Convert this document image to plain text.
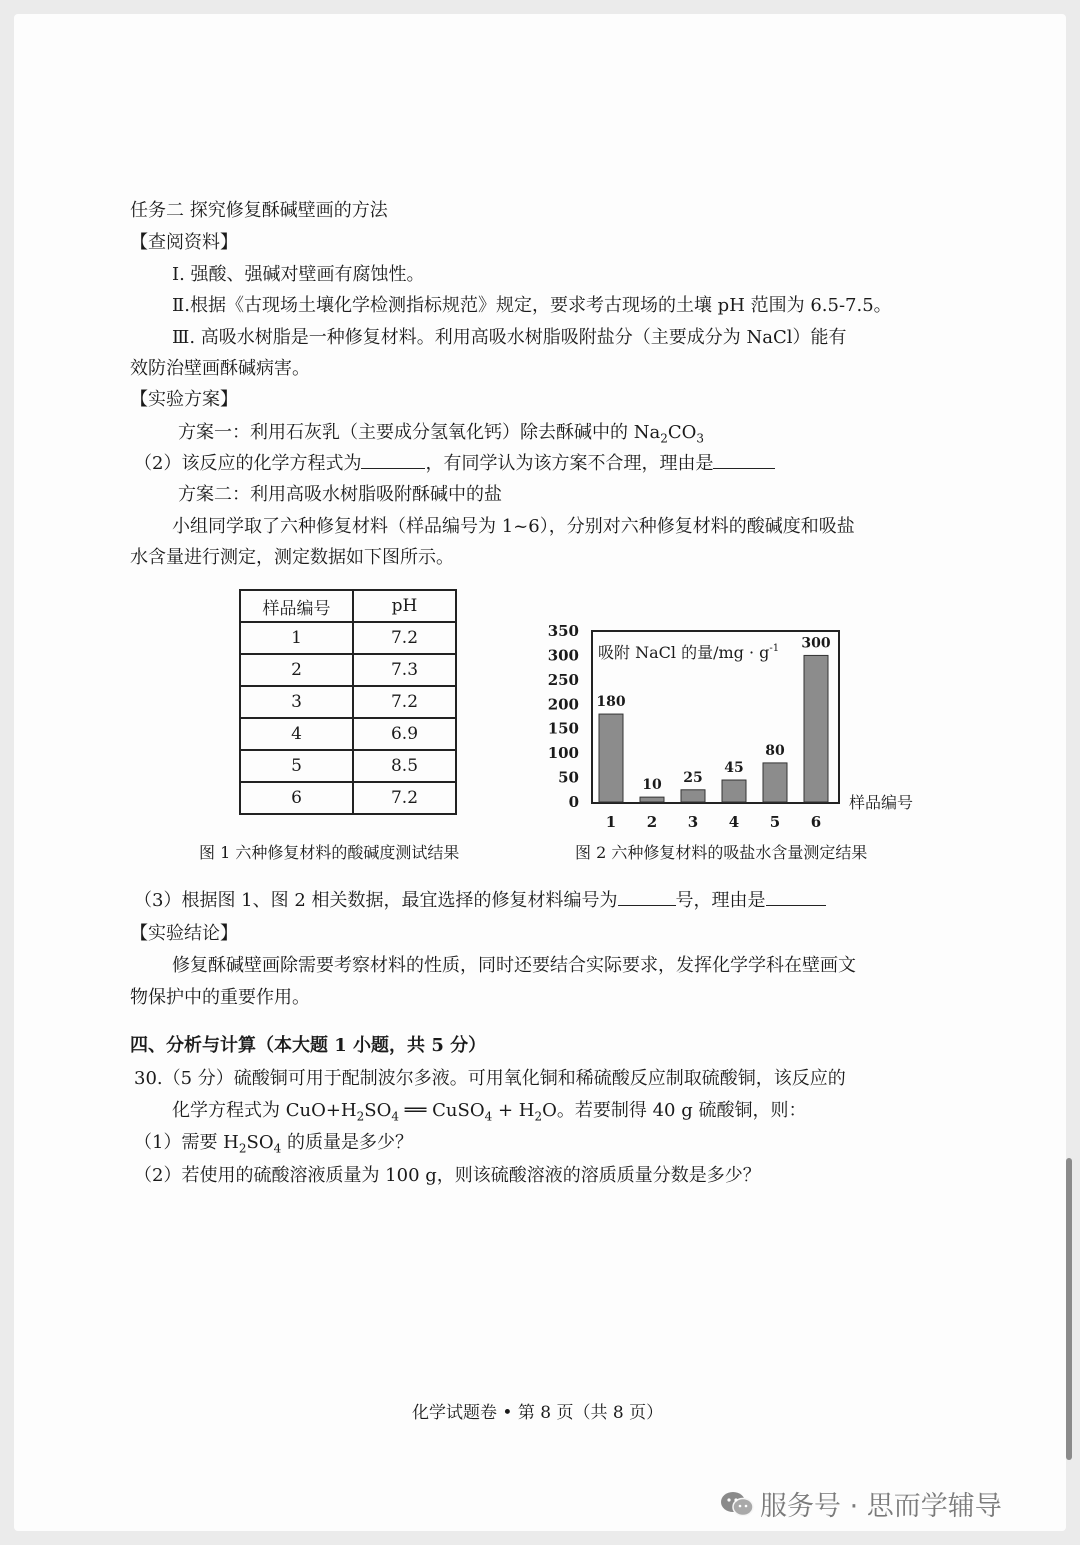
任务二 探究修复酥碱壁画的方法
【查阅资料】
Ⅰ. 强酸、强碱对壁画有腐蚀性。
Ⅱ.根据《古现场土壤化学检测指标规范》规定，要求考古现场的土壤 pH 范围为 6.5-7.5。
Ⅲ. 高吸水树脂是一种修复材料。利用高吸水树脂吸附盐分（主要成分为 NaCl）能有
效防治壁画酥碱病害。
【实验方案】
方案一：利用石灰乳（主要成分氢氧化钙）除去酥碱中的 $Na_2CO_3$
（2）该反应的化学方程式为	，有同学认为该方案不合理，理由是
方案二：利用高吸水树脂吸附酥碱中的盐
小组同学取了六种修复材料（样品编号为 1~6），分别对六种修复材料的酸碱度和吸盐
水含量进行测定，测定数据如下图所示。
样品编号	pH
1	7.2
2	7.3
3	7.2
4	6.9
5	8.5
6	7.2
图 1 六种修复材料的酸碱度测试结果
吸附 NaCl 的量$/mg \cdot g^{-1}$
样品编号
180
1
10
2
25
3
45
4
80
5
300
6
0
50
100
150
200
250
300
350
图 2 六种修复材料的吸盐水含量测定结果
（3）根据图 1、图 2 相关数据，最宜选择的修复材料编号为	号，理由是
【实验结论】
修复酥碱壁画除需要考察材料的性质，同时还要结合实际要求，发挥化学学科在壁画文
物保护中的重要作用。
四、分析与计算（本大题 1 小题，共 5 分）
30.（5 分）硫酸铜可用于配制波尔多液。可用氧化铜和稀硫酸反应制取硫酸铜，该反应的
化学方程式为 $CuO+H_2SO_4$ ══ CuSO$_4$ + $H_2O$。若要制得 40 g 硫酸铜，则：
（1）需要 $H_2SO_4$ 的质量是多少？
（2）若使用的硫酸溶液质量为 100 g，则该硫酸溶液的溶质质量分数是多少？
化学试题卷 • 第 8 页（共 8 页）
服务号 · 思而学辅导
